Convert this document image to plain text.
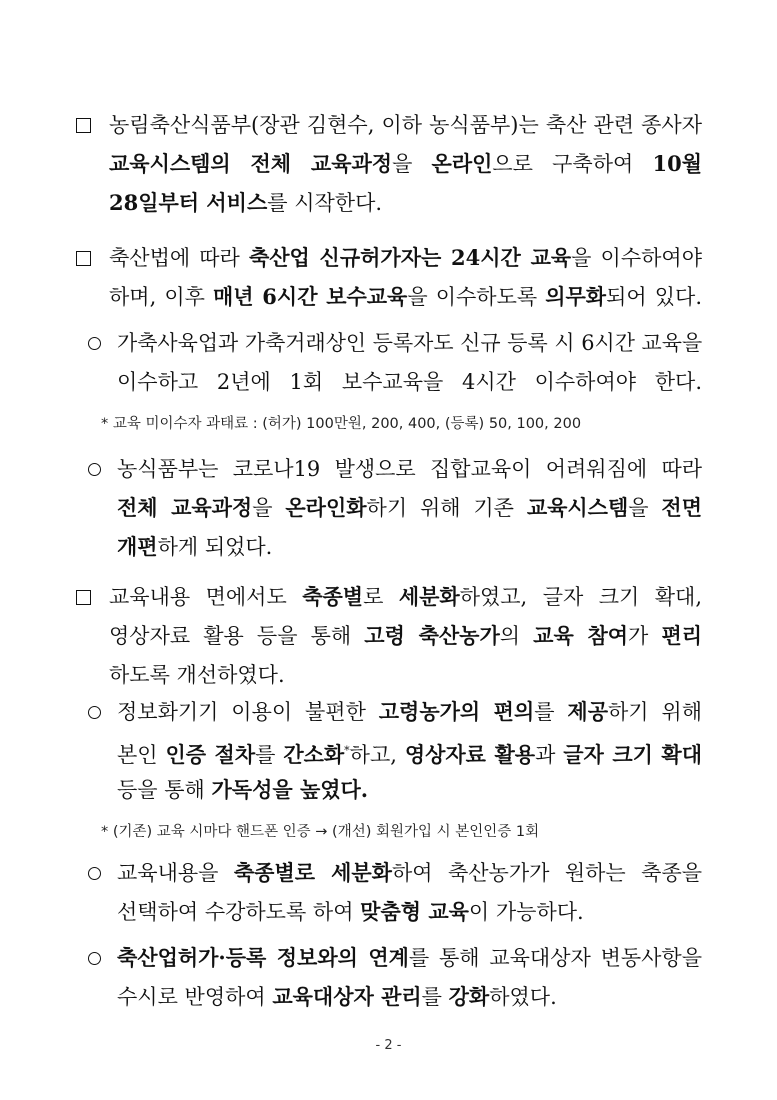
농림축산식품부(장관 김현수, 이하 농식품부)는 축산 관련 종사자
교육시스템의 전체 교육과정을 온라인으로 구축하여 10월
28일부터 서비스를 시작한다.
축산법에 따라 축산업 신규허가자는 24시간 교육을 이수하여야
하며, 이후 매년 6시간 보수교육을 이수하도록 의무화되어 있다.
가축사육업과 가축거래상인 등록자도 신규 등록 시 6시간 교육을
이수하고 2년에 1회 보수교육을 4시간 이수하여야 한다.
* 교육 미이수자 과태료 : (허가) 100만원, 200, 400, (등록) 50, 100, 200
농식품부는 코로나19 발생으로 집합교육이 어려워짐에 따라
전체 교육과정을 온라인화하기 위해 기존 교육시스템을 전면
개편하게 되었다.
교육내용 면에서도 축종별로 세분화하였고, 글자 크기 확대,
영상자료 활용 등을 통해 고령 축산농가의 교육 참여가 편리
하도록 개선하였다.
정보화기기 이용이 불편한 고령농가의 편의를 제공하기 위해
본인 인증 절차를 간소화*하고, 영상자료 활용과 글자 크기 확대
등을 통해 가독성을 높였다.
* (기존) 교육 시마다 핸드폰 인증 → (개선) 회원가입 시 본인인증 1회
교육내용을 축종별로 세분화하여 축산농가가 원하는 축종을
선택하여 수강하도록 하여 맞춤형 교육이 가능하다.
축산업허가·등록 정보와의 연계를 통해 교육대상자 변동사항을
수시로 반영하여 교육대상자 관리를 강화하였다.
- 2 -
